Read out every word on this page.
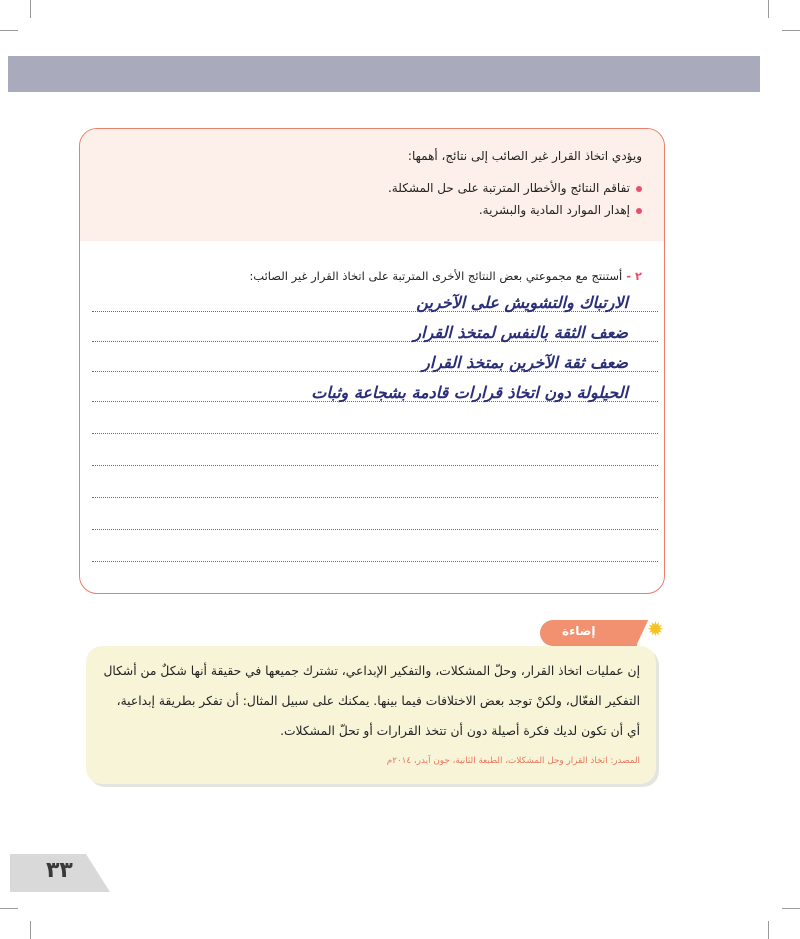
ويؤدي اتخاذ القرار غير الصائب إلى نتائج، أهمها:
تفاقم النتائج والأخطار المترتبة على حل المشكلة.
إهدار الموارد المادية والبشرية.
٢ -أستنتج مع مجموعتي بعض النتائج الأخرى المترتبة على اتخاذ القرار غير الصائب:
الارتباك والتشويش على الآخرين
ضعف الثقة بالنفس لمتخذ القرار
ضعف ثقة الآخرين بمتخذ القرار
الحيلولة دون اتخاذ قرارات قادمة بشجاعة وثبات
إضاءة	✹
إن عمليات اتخاذ القرار، وحلّ المشكلات، والتفكير الإبداعي، تشترك جميعها في حقيقة أنها شكلٌ من أشكال
التفكير الفعّال، ولكنْ توجد بعض الاختلافات فيما بينها. يمكنك على سبيل المثال: أن تفكر بطريقة إبداعية،
أي أن تكون لديك فكرة أصيلة دون أن تتخذ القرارات أو تحلّ المشكلات.
المصدر: اتخاذ القرار وحل المشكلات، الطبعة الثانية، جون آيدر، ٢٠١٤م
٣٣
